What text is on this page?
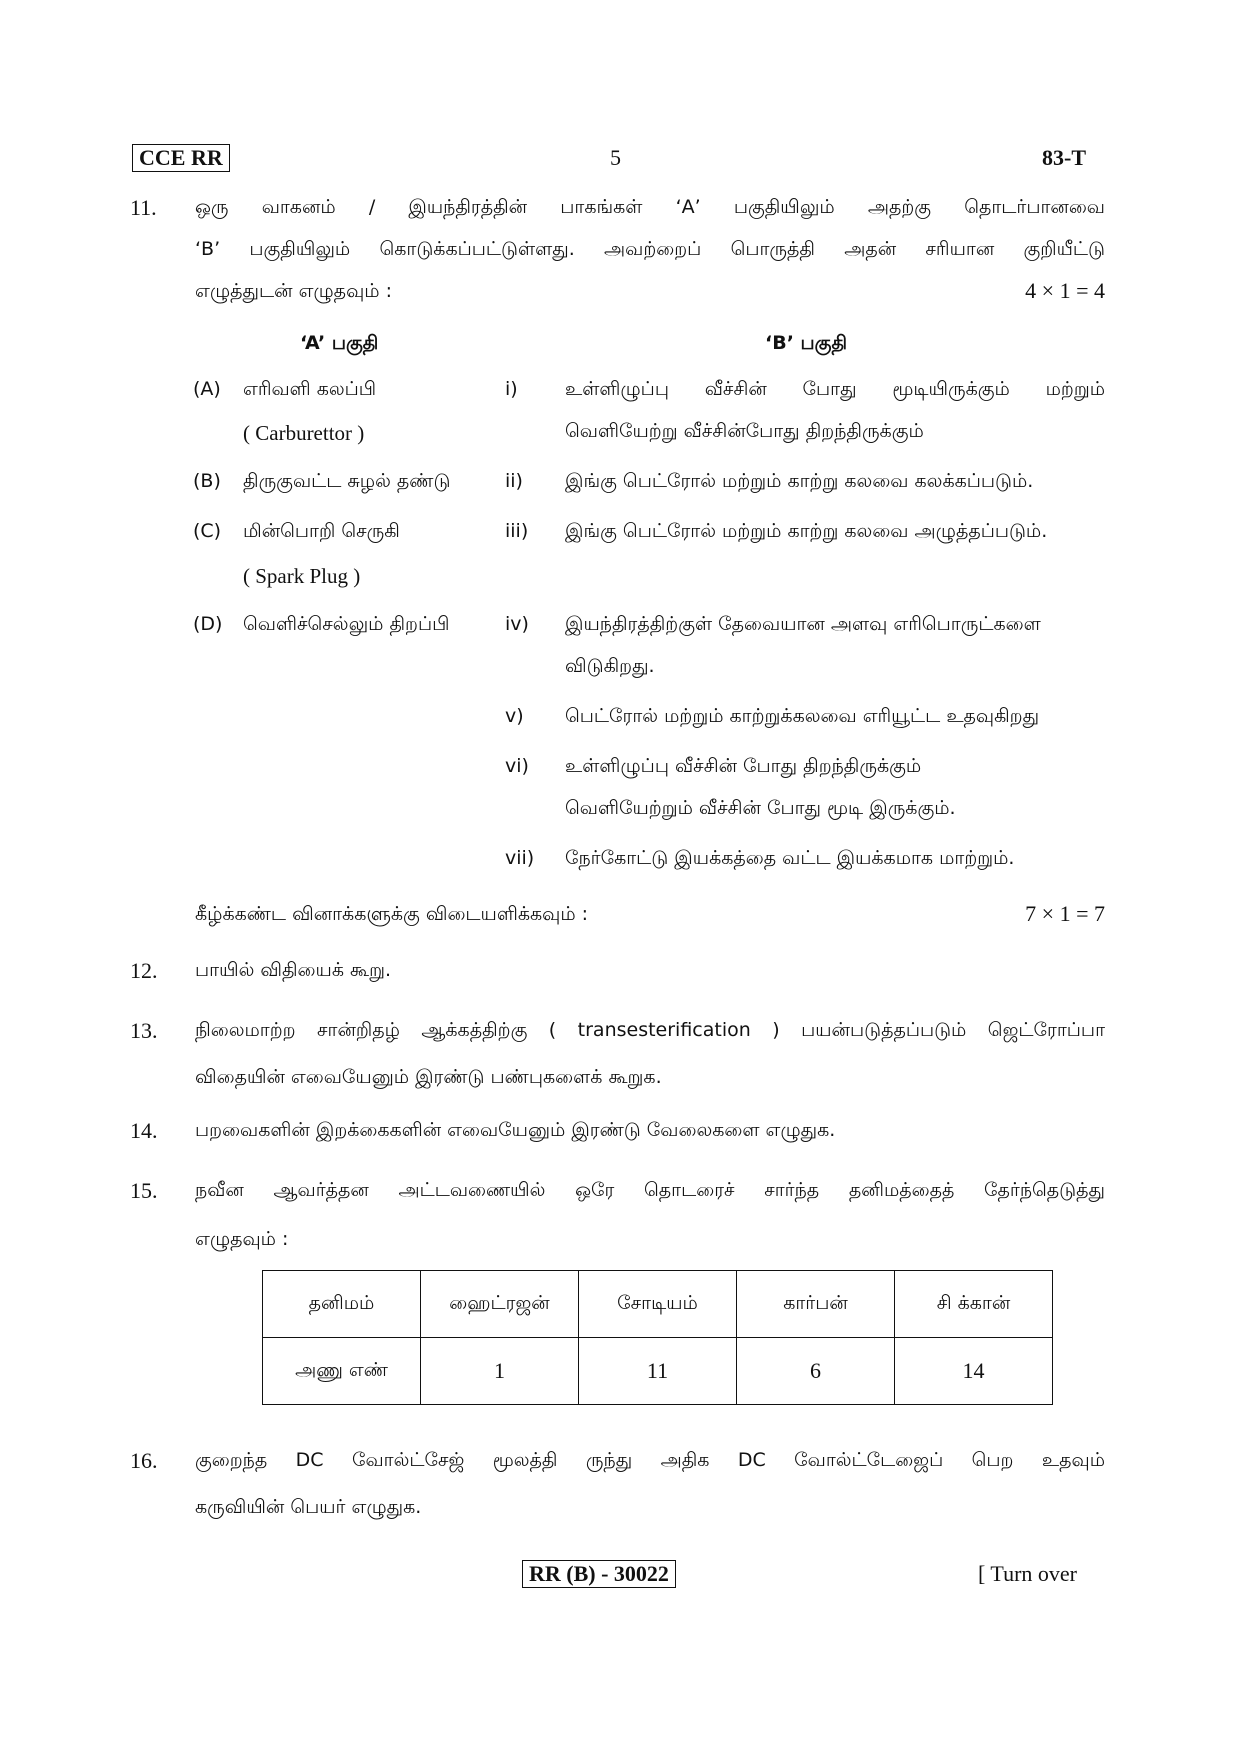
CCE RR	5	83-T
11. ஒரு வாகனம் / இயந்திரத்தின் பாகங்கள் ‘A’ பகுதியிலும் அதற்கு தொடர்பானவை
‘B’ பகுதியிலும் கொடுக்கப்பட்டுள்ளது. அவற்றைப் பொருத்தி அதன் சரியான குறியீட்டு
எழுத்துடன் எழுதவும் :	4 × 1 = 4
‘A’ பகுதி	‘B’ பகுதி
(A) எரிவளி கலப்பி
( Carburettor )
(B) திருகுவட்ட சுழல் தண்டு
(C) மின்பொறி செருகி
( Spark Plug )
(D) வெளிச்செல்லும் திறப்பி
i) உள்ளிழுப்பு வீச்சின் போது மூடியிருக்கும் மற்றும்
வெளியேற்று வீச்சின்போது திறந்திருக்கும்
ii) இங்கு பெட்ரோல் மற்றும் காற்று கலவை கலக்கப்படும்.
iii) இங்கு பெட்ரோல் மற்றும் காற்று கலவை அழுத்தப்படும்.
iv) இயந்திரத்திற்குள் தேவையான அளவு எரிபொருட்களை
விடுகிறது.
v) பெட்ரோல் மற்றும் காற்றுக்கலவை எரியூட்ட உதவுகிறது
vi) உள்ளிழுப்பு வீச்சின் போது திறந்திருக்கும்
வெளியேற்றும் வீச்சின் போது மூடி இருக்கும்.
vii) நேர்கோட்டு இயக்கத்தை வட்ட இயக்கமாக மாற்றும்.
கீழ்க்கண்ட வினாக்களுக்கு விடையளிக்கவும் :	7 × 1 = 7
12. பாயில் விதியைக் கூறு.
13. நிலைமாற்ற சான்றிதழ் ஆக்கத்திற்கு ( transesterification ) பயன்படுத்தப்படும் ஜெட்ரோப்பா
விதையின் எவையேனும் இரண்டு பண்புகளைக் கூறுக.
14. பறவைகளின் இறக்கைகளின் எவையேனும் இரண்டு வேலைகளை எழுதுக.
15. நவீன ஆவர்த்தன அட்டவணையில் ஒரே தொடரைச் சார்ந்த தனிமத்தைத் தேர்ந்தெடுத்து
எழுதவும் :
தனிமம்	ஹைட்ரஜன்	சோடியம்	கார்பன்	சி க்கான்
அணு எண்	1	11	6	14
16. குறைந்த DC வோல்ட்சேஜ் மூலத்தி ருந்து அதிக DC வோல்ட்டேஜைப் பெற உதவும்
கருவியின் பெயர் எழுதுக.
RR (B) - 30022	[ Turn over
